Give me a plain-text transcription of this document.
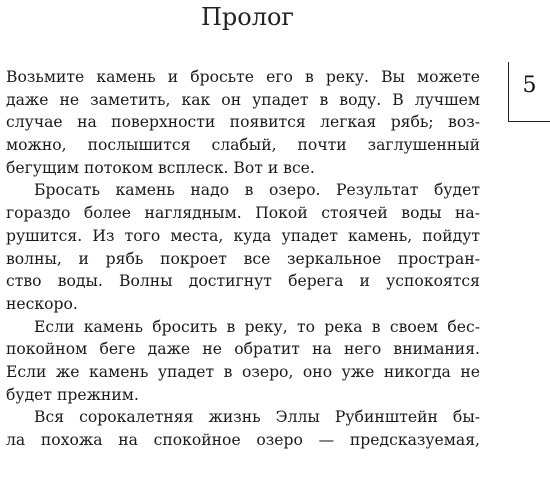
Пролог
5
Возьмите камень и бросьте его в реку. Вы можете
даже не заметить, как он упадет в воду. В лучшем
случае на поверхности появится легкая рябь; воз-
можно, послышится слабый, почти заглушенный
бегущим потоком всплеск. Вот и все.
Бросать камень надо в озеро. Результат будет
гораздо более наглядным. Покой стоячей воды на-
рушится. Из того места, куда упадет камень, пойдут
волны, и рябь покроет все зеркальное простран-
ство воды. Волны достигнут берега и успокоятся
нескоро.
Если камень бросить в реку, то река в своем бес-
покойном беге даже не обратит на него внимания.
Если же камень упадет в озеро, оно уже никогда не
будет прежним.
Вся сорокалетняя жизнь Эллы Рубинштейн бы-
ла похожа на спокойное озеро — предсказуемая,
